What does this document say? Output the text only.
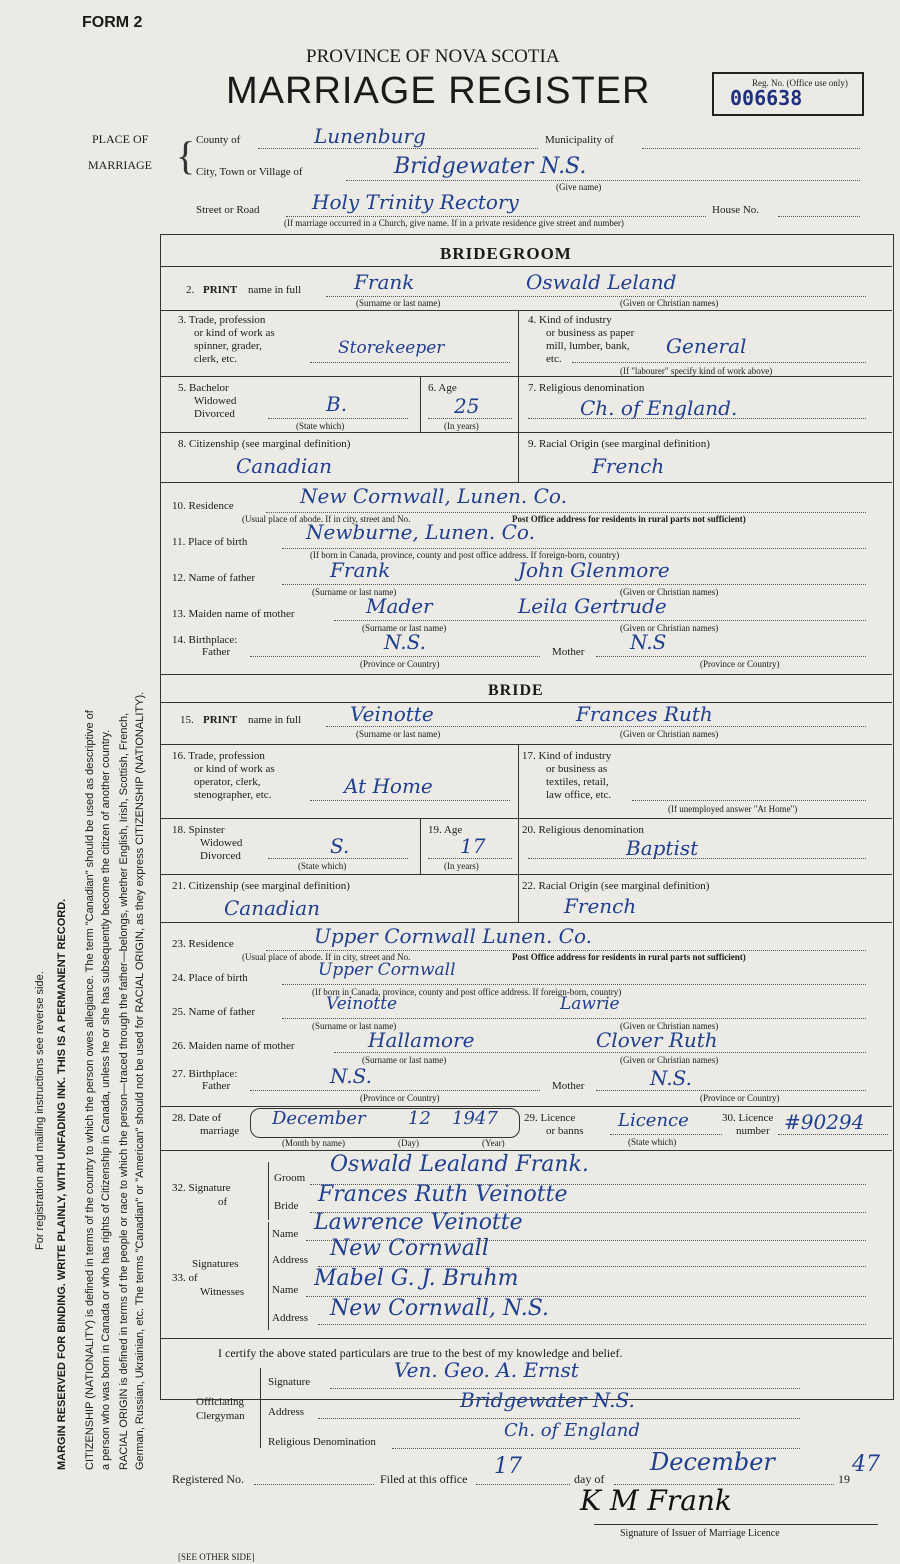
FORM 2
PROVINCE OF NOVA SCOTIA
MARRIAGE REGISTER	Reg. No. (Office use only)
006638
For registration and mailing instructions see reverse side. MARGIN RESERVED FOR BINDING. WRITE PLAINLY, WITH UNFADING INK. THIS IS A PERMANENT RECORD. CITIZENSHIP (NATIONALITY) is defined in terms of the country to which the person owes allegiance. The term "Canadian" should be used as descriptive of a person who was born in Canada or who has rights of Citizenship in Canada, unless he or she has subsequently become the citizen of another country. RACIAL ORIGIN is defined in terms of the people or race to which the person—traced through the father—belongs, whether English, Irish, Scottish, French, German, Russian, Ukrainian, etc. The terms "Canadian" or "American" should not be used for RACIAL ORIGIN, as they express CITIZENSHIP (NATIONALITY).
PLACE OF
MARRIAGE { County of	Lunenburg	Municipality of
City, Town or Village of	Bridgewater N.S.
(Give name)
Street or Road	Holy Trinity Rectory	House No.
(If marriage occurred in a Church, give name. If in a private residence give street and number)
BRIDEGROOM
2. PRINT name in full	Frank	Oswald Leland
(Surname or last name)	(Given or Christian names)
3. Trade, profession
or kind of work as
spinner, grader,
clerk, etc.
Storekeeper
4. Kind of industry
or business as paper
mill, lumber, bank,
etc.
General
(If "labourer" specify kind of work above)
5. Bachelor
Widowed
Divorced	B.
(State which)
6. Age
25
(In years)
7. Religious denomination
Ch. of England.
8. Citizenship (see marginal definition)
Canadian
9. Racial Origin (see marginal definition)
French
10. Residence	New Cornwall, Lunen. Co.
(Usual place of abode. If in city, street and No.	Post Office address for residents in rural parts not sufficient)
11. Place of birth	Newburne, Lunen. Co.
(If born in Canada, province, county and post office address. If foreign-born, country)
12. Name of father	Frank	John Glenmore
(Surname or last name)	(Given or Christian names)
13. Maiden name of mother	Mader	Leila Gertrude
(Surname or last name)	(Given or Christian names)
14. Birthplace:
Father	N.S.
(Province or Country)
Mother N.S
(Province or Country)
BRIDE
15. PRINT name in full Veinotte	Frances Ruth
(Surname or last name)	(Given or Christian names)
16. Trade, profession
or kind of work as
operator, clerk,
stenographer, etc.	At Home
17. Kind of industry
or business as
textiles, retail,
law office, etc.
(If unemployed answer "At Home")
18. Spinster
Widowed
Divorced	S.
(State which)
19. Age
17
(In years)
20. Religious denomination
Baptist
21. Citizenship (see marginal definition)
Canadian
22. Racial Origin (see marginal definition)
French
23. Residence	Upper Cornwall Lunen. Co.
(Usual place of abode. If in city, street and No.	Post Office address for residents in rural parts not sufficient)
24. Place of birth	Upper Cornwall
(If born in Canada, province, county and post office address. If foreign-born, country)
25. Name of father	Veinotte	Lawrie
(Surname or last name)	(Given or Christian names)
26. Maiden name of mother	Hallamore	Clover Ruth
(Surname or last name)	(Given or Christian names)
27. Birthplace:
Father	N.S.
(Province or Country)
Mother	N.S.
(Province or Country)
28. Date of
marriage
December 12 1947
(Month by name)	(Day)	(Year)
29. Licence
or banns Licence
(State which)
30. Licence
number #90294
32. Signature
of
Groom
Oswald Lealand Frank.
Bride Frances Ruth Veinotte
Signatures
33. of
Witnesses
Name Lawrence Veinotte
Address New Cornwall
Name Mabel G. J. Bruhm
Address New Cornwall, N.S.
I certify the above stated particulars are true to the best of my knowledge and belief.
Officiating
Clergyman
Signature	Ven. Geo. A. Ernst
Address	Bridgewater N.S.
Religious Denomination
Ch. of England
Registered No.	Filed at this office 17	day of
December
19
47
K M Frank
Signature of Issuer of Marriage Licence
[SEE OTHER SIDE]
